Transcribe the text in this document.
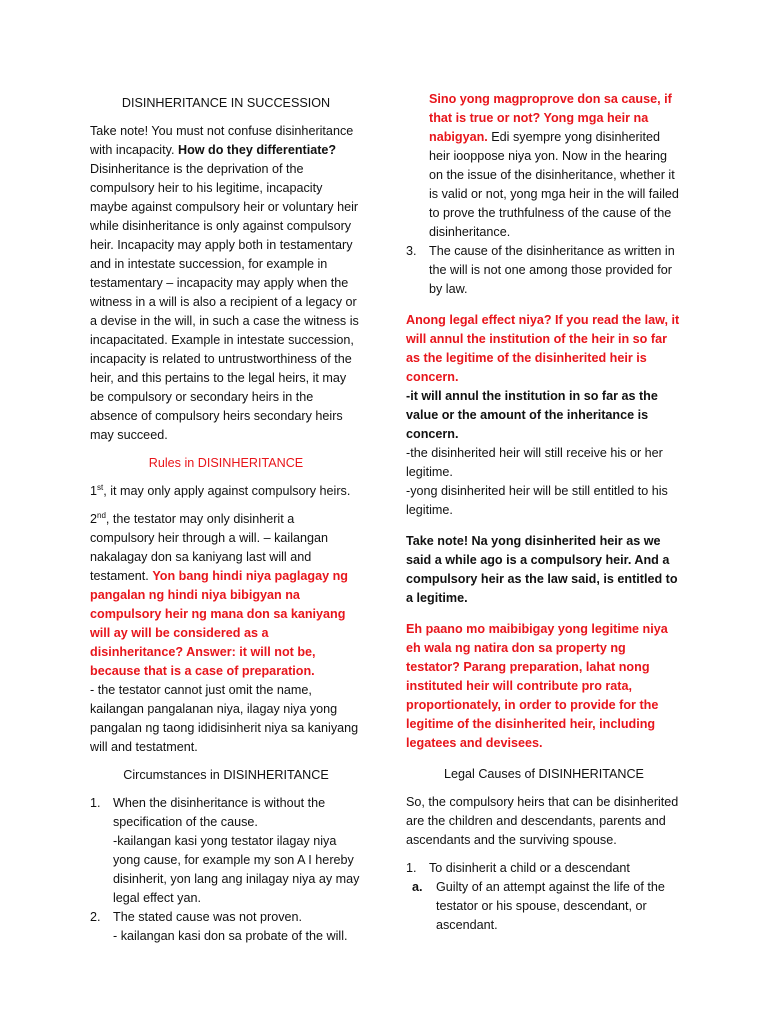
DISINHERITANCE IN SUCCESSION

Take note! You must not confuse disinheritance with incapacity. How do they differentiate? Disinheritance is the deprivation of the compulsory heir to his legitime, incapacity maybe against compulsory heir or voluntary heir while disinheritance is only against compulsory heir. Incapacity may apply both in testamentary and in intestate succession, for example in testamentary – incapacity may apply when the witness in a will is also a recipient of a legacy or a devise in the will, in such a case the witness is incapacitated. Example in intestate succession, incapacity is related to untrustworthiness of the heir, and this pertains to the legal heirs, it may be compulsory or secondary heirs in the absence of compulsory heirs secondary heirs may succeed.

Rules in DISINHERITANCE

1st, it may only apply against compulsory heirs.

2nd, the testator may only disinherit a compulsory heir through a will. – kailangan nakalagay don sa kaniyang last will and testament. Yon bang hindi niya paglagay ng pangalan ng hindi niya bibigyan na compulsory heir ng mana don sa kaniyang will ay will be considered as a disinheritance? Answer: it will not be, because that is a case of preparation.
- the testator cannot just omit the name, kailangan pangalanan niya, ilagay niya yong pangalan ng taong ididisinherit niya sa kaniyang will and testatment.

Circumstances in DISINHERITANCE

1. When the disinheritance is without the specification of the cause.
-kailangan kasi yong testator ilagay niya yong cause, for example my son A I hereby disinherit, yon lang ang inilagay niya ay may legal effect yan.
2. The stated cause was not proven.
- kailangan kasi don sa probate of the will.

Sino yong magproprove don sa cause, if that is true or not? Yong mga heir na nabigyan. Edi syempre yong disinherited heir iooppose niya yon. Now in the hearing on the issue of the disinheritance, whether it is valid or not, yong mga heir in the will failed to prove the truthfulness of the cause of the disinheritance.

3. The cause of the disinheritance as written in the will is not one among those provided for by law.

Anong legal effect niya? If you read the law, it will annul the institution of the heir in so far as the legitime of the disinherited heir is concern.
-it will annul the institution in so far as the value or the amount of the inheritance is concern.
-the disinherited heir will still receive his or her legitime.
-yong disinherited heir will be still entitled to his legitime.

Take note! Na yong disinherited heir as we said a while ago is a compulsory heir. And a compulsory heir as the law said, is entitled to a legitime.

Eh paano mo maibibigay yong legitime niya eh wala ng natira don sa property ng testator? Parang preparation, lahat nong instituted heir will contribute pro rata, proportionately, in order to provide for the legitime of the disinherited heir, including legatees and devisees.

Legal Causes of DISINHERITANCE

So, the compulsory heirs that can be disinherited are the children and descendants, parents and ascendants and the surviving spouse.

1. To disinherit a child or a descendant
a. Guilty of an attempt against the life of the testator or his spouse, descendant, or ascendant.
